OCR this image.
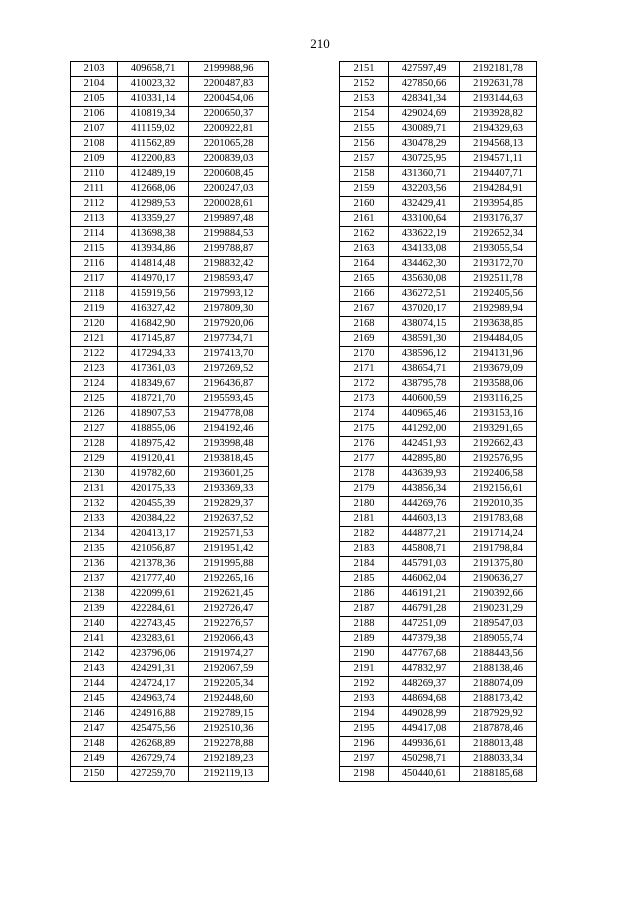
210
2103	409658,71	2199988,96
2104	410023,32	2200487,83
2105	410331,14	2200454,06
2106	410819,34	2200650,37
2107	411159,02	2200922,81
2108	411562,89	2201065,28
2109	412200,83	2200839,03
2110	412489,19	2200608,45
2111	412668,06	2200247,03
2112	412989,53	2200028,61
2113	413359,27	2199897,48
2114	413698,38	2199884,53
2115	413934,86	2199788,87
2116	414814,48	2198832,42
2117	414970,17	2198593,47
2118	415919,56	2197993,12
2119	416327,42	2197809,30
2120	416842,90	2197920,06
2121	417145,87	2197734,71
2122	417294,33	2197413,70
2123	417361,03	2197269,52
2124	418349,67	2196436,87
2125	418721,70	2195593,45
2126	418907,53	2194778,08
2127	418855,06	2194192,46
2128	418975,42	2193998,48
2129	419120,41	2193818,45
2130	419782,60	2193601,25
2131	420175,33	2193369,33
2132	420455,39	2192829,37
2133	420384,22	2192637,52
2134	420413,17	2192571,53
2135	421056,87	2191951,42
2136	421378,36	2191995,88
2137	421777,40	2192265,16
2138	422099,61	2192621,45
2139	422284,61	2192726,47
2140	422743,45	2192276,57
2141	423283,61	2192066,43
2142	423796,06	2191974,27
2143	424291,31	2192067,59
2144	424724,17	2192205,34
2145	424963,74	2192448,60
2146	424916,88	2192789,15
2147	425475,56	2192510,36
2148	426268,89	2192278,88
2149	426729,74	2192189,23
2150	427259,70	2192119,13
2151	427597,49	2192181,78
2152	427850,66	2192631,78
2153	428341,34	2193144,63
2154	429024,69	2193928,82
2155	430089,71	2194329,63
2156	430478,29	2194568,13
2157	430725,95	2194571,11
2158	431360,71	2194407,71
2159	432203,56	2194284,91
2160	432429,41	2193954,85
2161	433100,64	2193176,37
2162	433622,19	2192652,34
2163	434133,08	2193055,54
2164	434462,30	2193172,70
2165	435630,08	2192511,78
2166	436272,51	2192405,56
2167	437020,17	2192989,94
2168	438074,15	2193638,85
2169	438591,30	2194484,05
2170	438596,12	2194131,96
2171	438654,71	2193679,09
2172	438795,78	2193588,06
2173	440600,59	2193116,25
2174	440965,46	2193153,16
2175	441292,00	2193291,65
2176	442451,93	2192662,43
2177	442895,80	2192576,95
2178	443639,93	2192406,58
2179	443856,34	2192156,61
2180	444269,76	2192010,35
2181	444603,13	2191783,68
2182	444877,21	2191714,24
2183	445808,71	2191798,84
2184	445791,03	2191375,80
2185	446062,04	2190636,27
2186	446191,21	2190392,66
2187	446791,28	2190231,29
2188	447251,09	2189547,03
2189	447379,38	2189055,74
2190	447767,68	2188443,56
2191	447832,97	2188138,46
2192	448269,37	2188074,09
2193	448694,68	2188173,42
2194	449028,99	2187929,92
2195	449417,08	2187878,46
2196	449936,61	2188013,48
2197	450298,71	2188033,34
2198	450440,61	2188185,68
